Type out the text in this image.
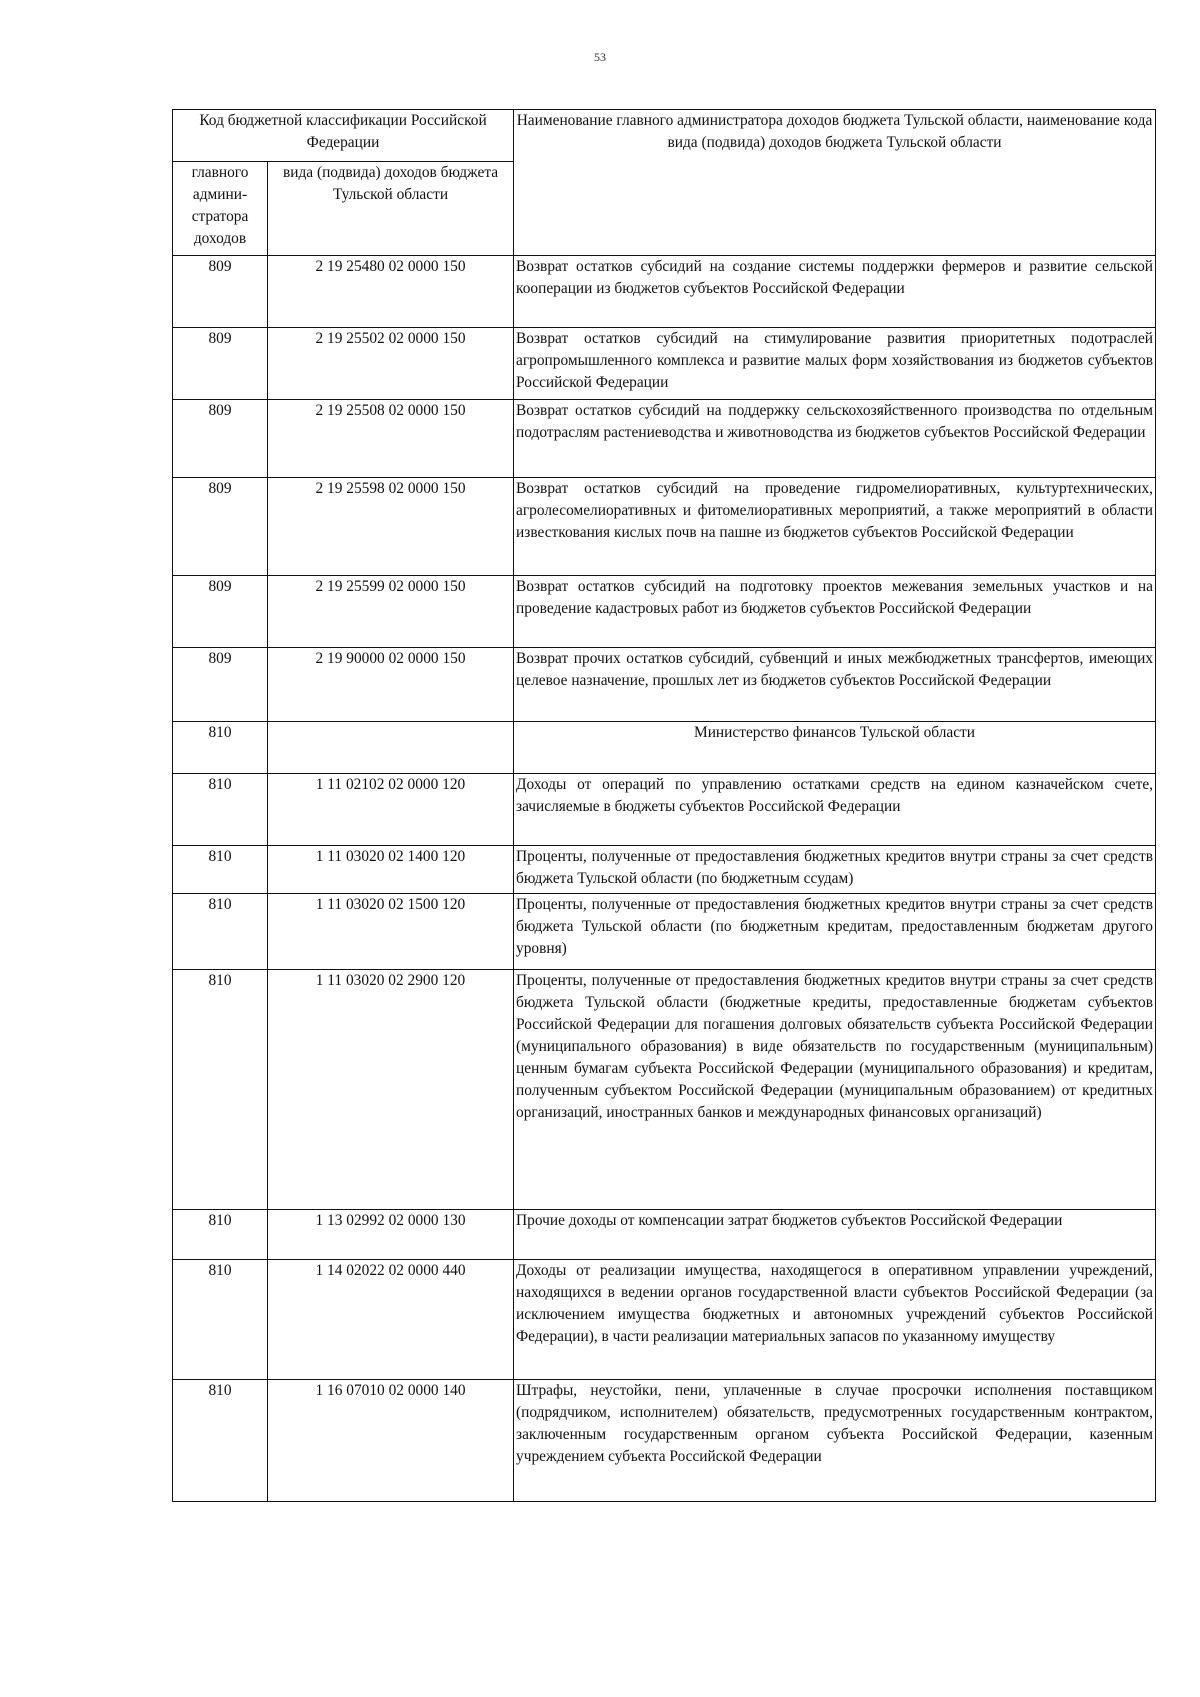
53
Код бюджетной классификации Российской Федерации		Наименование главного администратора доходов бюджета Тульской области, наименование кода вида (подвида) доходов бюджета Тульской области
главного админи-стратора доходов	вида (подвида) доходов бюджета Тульской области	
809	2 19 25480 02 0000 150	Возврат остатков субсидий на создание системы поддержки фермеров и развитие сельской кооперации из бюджетов субъектов Российской Федерации
809	2 19 25502 02 0000 150	Возврат остатков субсидий на стимулирование развития приоритетных подотраслей агропромышленного комплекса и развитие малых форм хозяйствования из бюджетов субъектов Российской Федерации
809	2 19 25508 02 0000 150	Возврат остатков субсидий на поддержку сельскохозяйственного производства по отдельным подотраслям растениеводства и животноводства из бюджетов субъектов Российской Федерации
809	2 19 25598 02 0000 150	Возврат остатков субсидий на проведение гидромелиоративных, культуртехнических, агролесомелиоративных и фитомелиоративных мероприятий, а также мероприятий в области известкования кислых почв на пашне из бюджетов субъектов Российской Федерации
809	2 19 25599 02 0000 150	Возврат остатков субсидий на подготовку проектов межевания земельных участков и на проведение кадастровых работ из бюджетов субъектов Российской Федерации
809	2 19 90000 02 0000 150	Возврат прочих остатков субсидий, субвенций и иных межбюджетных трансфертов, имеющих целевое назначение, прошлых лет из бюджетов субъектов Российской Федерации
810		Министерство финансов Тульской области
810	1 11 02102 02 0000 120	Доходы от операций по управлению остатками средств на едином казначейском счете, зачисляемые в бюджеты субъектов Российской Федерации
810	1 11 03020 02 1400 120	Проценты, полученные от предоставления бюджетных кредитов внутри страны за счет средств бюджета Тульской области (по бюджетным ссудам)
810	1 11 03020 02 1500 120	Проценты, полученные от предоставления бюджетных кредитов внутри страны за счет средств бюджета Тульской области (по бюджетным кредитам, предоставленным бюджетам другого уровня)
810	1 11 03020 02 2900 120	Проценты, полученные от предоставления бюджетных кредитов внутри страны за счет средств бюджета Тульской области (бюджетные кредиты, предоставленные бюджетам субъектов Российской Федерации для погашения долговых обязательств субъекта Российской Федерации (муниципального образования) в виде обязательств по государственным (муниципальным) ценным бумагам субъекта Российской Федерации (муниципального образования) и кредитам, полученным субъектом Российской Федерации (муниципальным образованием) от кредитных организаций, иностранных банков и международных финансовых организаций)
810	1 13 02992 02 0000 130	Прочие доходы от компенсации затрат бюджетов субъектов Российской Федерации
810	1 14 02022 02 0000 440	Доходы от реализации имущества, находящегося в оперативном управлении учреждений, находящихся в ведении органов государственной власти субъектов Российской Федерации (за исключением имущества бюджетных и автономных учреждений субъектов Российской Федерации), в части реализации материальных запасов по указанному имуществу
810	1 16 07010 02 0000 140	Штрафы, неустойки, пени, уплаченные в случае просрочки исполнения поставщиком (подрядчиком, исполнителем) обязательств, предусмотренных государственным контрактом, заключенным государственным органом субъекта Российской Федерации, казенным учреждением субъекта Российской Федерации
